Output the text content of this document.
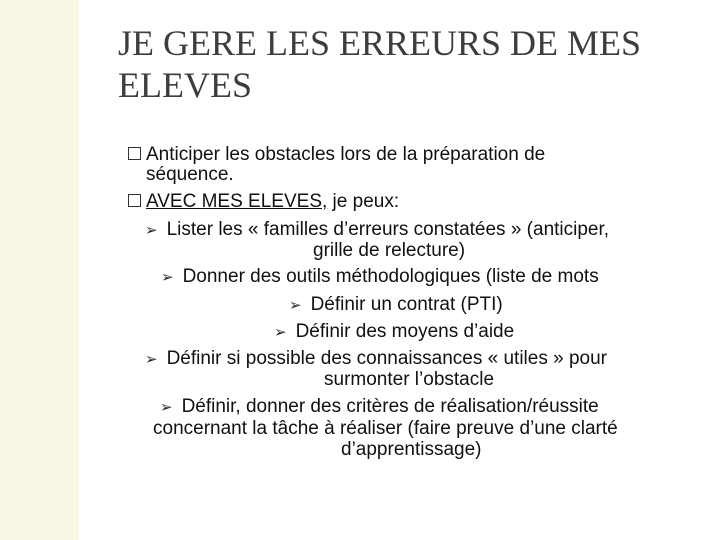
JE GERE LES ERREURS DE MES
ELEVES
Anticiper les obstacles lors de la préparation de
séquence.
AVEC MES ELEVES, je peux:
➢ Lister les « familles d’erreurs constatées » (anticiper,
grille de relecture)
➢ Donner des outils méthodologiques (liste de mots
➢ Définir un contrat (PTI)
➢ Définir des moyens d’aide
➢ Définir si possible des connaissances « utiles » pour
surmonter l’obstacle
➢ Définir, donner des critères de réalisation/réussite
concernant la tâche à réaliser (faire preuve d’une clarté
d’apprentissage)
